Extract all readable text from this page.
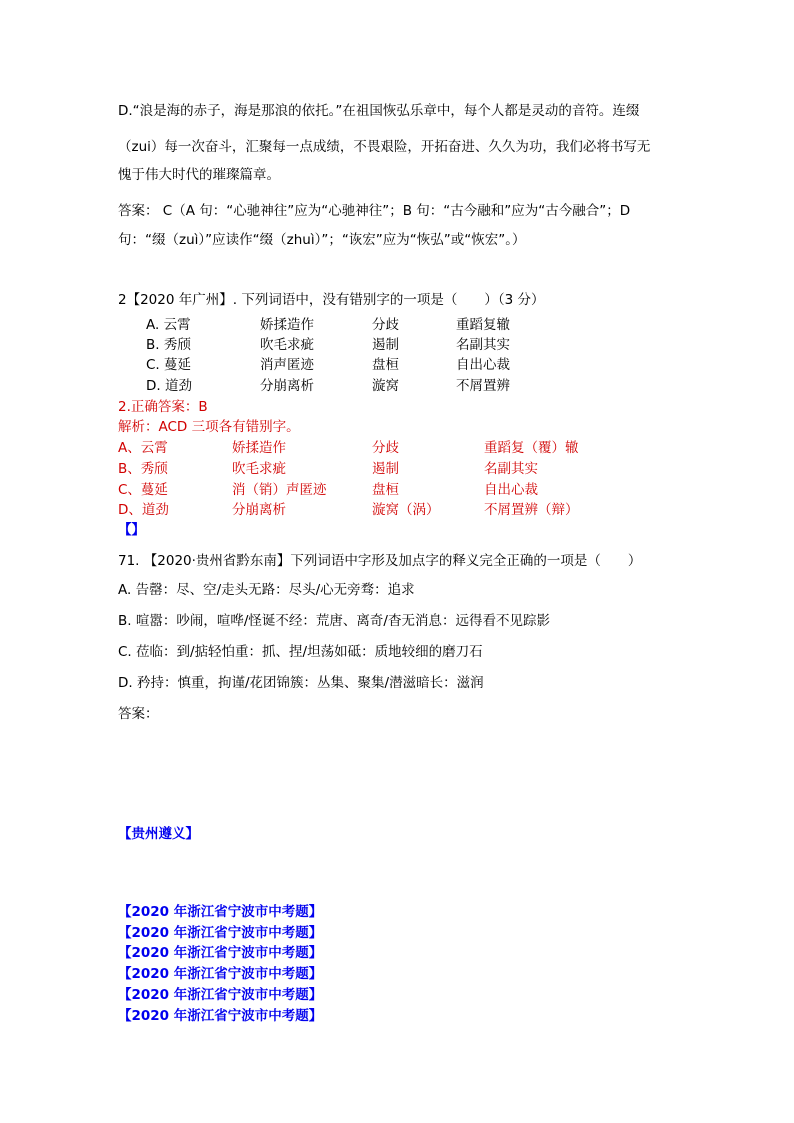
D.“浪是海的赤子，海是那浪的依托。”在祖国恢弘乐章中，每个人都是灵动的音符。连缀
（zui）每一次奋斗，汇聚每一点成绩，不畏艰险，开拓奋进、久久为功，我们必将书写无
愧于伟大时代的璀璨篇章。
答案： C（A 句：“心驰神往”应为“心驰神往”；B 句：“古今融和”应为“古今融合”；D
句：“缀（zuì）”应读作“缀（zhuì）”；“诙宏”应为“恢弘”或“恢宏”。）
2【2020 年广州】. 下列词语中，没有错别字的一项是（　　）（3 分）
A. 云霄	娇揉造作	分歧	重蹈复辙
B. 秀颀	吹毛求疵	遏制	名副其实
C. 蔓延	消声匿迹	盘桓	自出心裁
D. 道劲	分崩离析	漩窝	不屑置辨
2.正确答案：B
解析：ACD 三项各有错别字。
A、云霄	娇揉造作	分歧	重蹈复（覆）辙
B、秀颀	吹毛求疵	遏制	名副其实
C、蔓延	消（销）声匿迹	盘桓	自出心裁
D、道劲	分崩离析	漩窝（涡）	不屑置辨（辩）
【】
71. 【2020·贵州省黔东南】下列词语中字形及加点字的释义完全正确的一项是（　　）
A. 告罄：尽、空/走头无路：尽头/心无旁骛：追求
B. 喧嚣：吵闹，喧哗/怪诞不经：荒唐、离奇/杳无消息：远得看不见踪影
C. 莅临：到/掂轻怕重：抓、捏/坦荡如砥：质地较细的磨刀石
D. 矜持：慎重，拘谨/花团锦簇：丛集、聚集/潜滋暗长：滋润
答案：
【贵州遵义】
【2020 年浙江省宁波市中考题】
【2020 年浙江省宁波市中考题】
【2020 年浙江省宁波市中考题】
【2020 年浙江省宁波市中考题】
【2020 年浙江省宁波市中考题】
【2020 年浙江省宁波市中考题】
